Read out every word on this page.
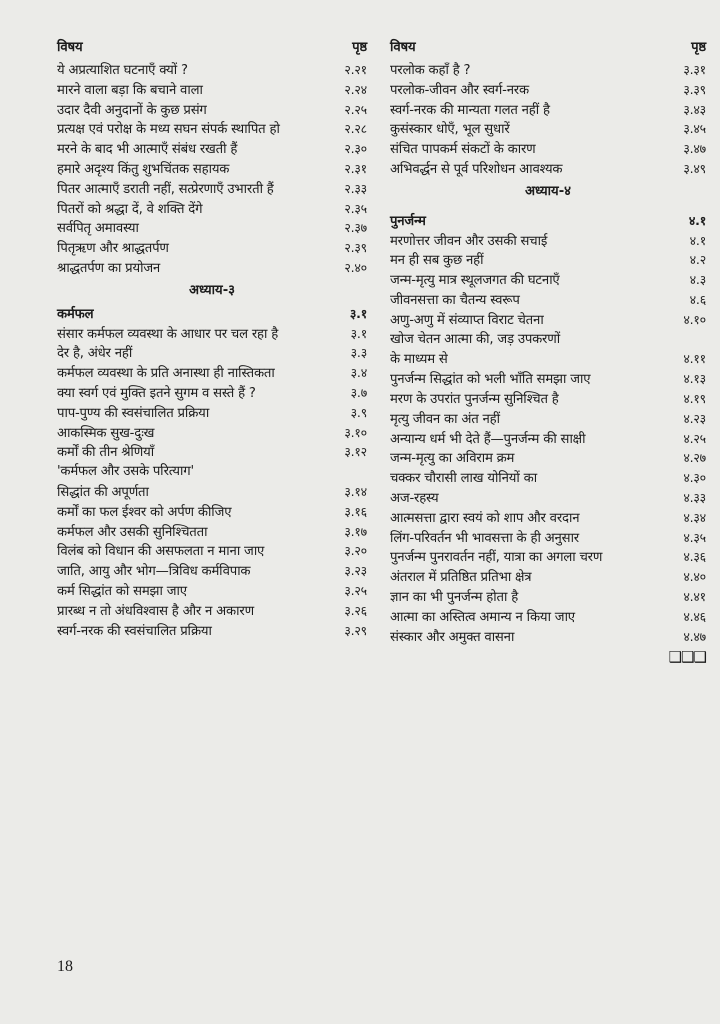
विषय	पृष्ठ
ये अप्रत्याशित घटनाएँ क्यों ?	२.२१
मारने वाला बड़ा कि बचाने वाला	२.२४
उदार दैवी अनुदानों के कुछ प्रसंग	२.२५
प्रत्यक्ष एवं परोक्ष के मध्य सघन संपर्क स्थापित हो	२.२८
मरने के बाद भी आत्माएँ संबंध रखती हैं	२.३०
हमारे अदृश्य किंतु शुभचिंतक सहायक	२.३१
पितर आत्माएँ डराती नहीं, सत्प्रेरणाएँ उभारती हैं	२.३३
पितरों को श्रद्धा दें, वे शक्ति देंगे	२.३५
सर्वपितृ अमावस्या	२.३७
पितृऋण और श्राद्धतर्पण	२.३९
श्राद्धतर्पण का प्रयोजन	२.४०
अध्याय-३
कर्मफल	३.१
संसार कर्मफल व्यवस्था के आधार पर चल रहा है	३.१
देर है, अंधेर नहीं	३.३
कर्मफल व्यवस्था के प्रति अनास्था ही नास्तिकता	३.४
क्या स्वर्ग एवं मुक्ति इतने सुगम व सस्ते हैं ?	३.७
पाप-पुण्य की स्वसंचालित प्रक्रिया	३.९
आकस्मिक सुख-दुःख	३.१०
कर्मों की तीन श्रेणियाँ	३.१२
'कर्मफल और उसके परित्याग'
सिद्धांत की अपूर्णता	३.१४
कर्मों का फल ईश्वर को अर्पण कीजिए	३.१६
कर्मफल और उसकी सुनिश्चितता	३.१७
विलंब को विधान की असफलता न माना जाए	३.२०
जाति, आयु और भोग—त्रिविध कर्मविपाक	३.२३
कर्म सिद्धांत को समझा जाए	३.२५
प्रारब्ध न तो अंधविश्वास है और न अकारण	३.२६
स्वर्ग-नरक की स्वसंचालित प्रक्रिया	३.२९
विषय	पृष्ठ
परलोक कहाँ है ?	३.३१
परलोक-जीवन और स्वर्ग-नरक	३.३९
स्वर्ग-नरक की मान्यता गलत नहीं है	३.४३
कुसंस्कार धोएँ, भूल सुधारें	३.४५
संचित पापकर्म संकटों के कारण	३.४७
अभिवर्द्धन से पूर्व परिशोधन आवश्यक	३.४९
अध्याय-४
पुनर्जन्म	४.१
मरणोत्तर जीवन और उसकी सचाई	४.१
मन ही सब कुछ नहीं	४.२
जन्म-मृत्यु मात्र स्थूलजगत की घटनाएँ	४.३
जीवनसत्ता का चैतन्य स्वरूप	४.६
अणु-अणु में संव्याप्त विराट चेतना	४.१०
खोज चेतन आत्मा की, जड़ उपकरणों
के माध्यम से	४.११
पुनर्जन्म सिद्धांत को भली भाँति समझा जाए	४.१३
मरण के उपरांत पुनर्जन्म सुनिश्चित है	४.१९
मृत्यु जीवन का अंत नहीं	४.२३
अन्यान्य धर्म भी देते हैं—पुनर्जन्म की साक्षी	४.२५
जन्म-मृत्यु का अविराम क्रम	४.२७
चक्कर चौरासी लाख योनियों का	४.३०
अज-रहस्य	४.३३
आत्मसत्ता द्वारा स्वयं को शाप और वरदान	४.३४
लिंग-परिवर्तन भी भावसत्ता के ही अनुसार	४.३५
पुनर्जन्म पुनरावर्तन नहीं, यात्रा का अगला चरण	४.३६
अंतराल में प्रतिष्ठित प्रतिभा क्षेत्र	४.४०
ज्ञान का भी पुनर्जन्म होता है	४.४१
आत्मा का अस्तित्व अमान्य न किया जाए	४.४६
संस्कार और अमुक्त वासना	४.४७
❑❑❑
18
